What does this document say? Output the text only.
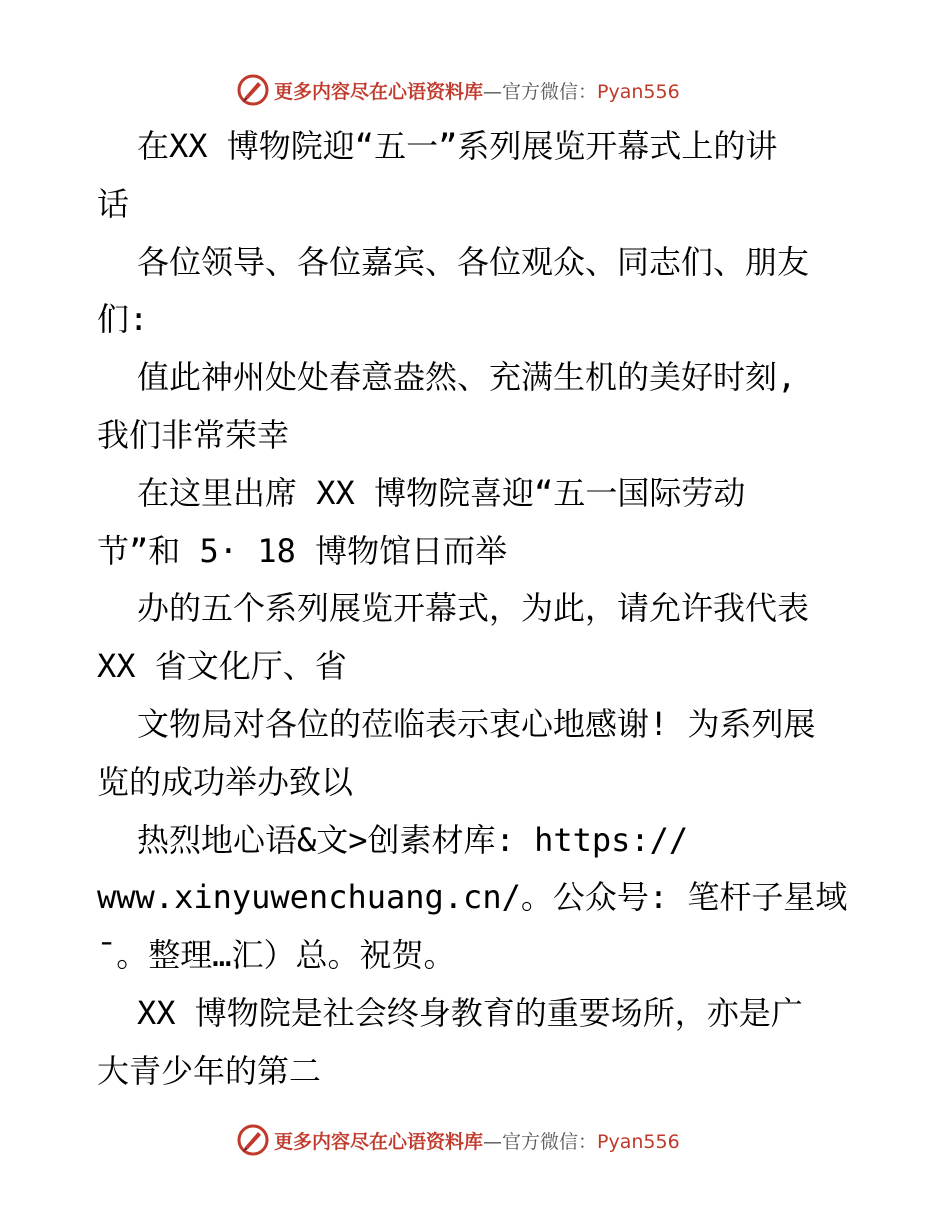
更多内容尽在心语资料库—官方微信：Pyan556
在XX 博物院迎“五一”系列展览开幕式上的讲
话
各位领导、各位嘉宾、各位观众、同志们、朋友
们:
值此神州处处春意盎然、充满生机的美好时刻,
我们非常荣幸
在这里出席 XX 博物院喜迎“五一国际劳动
节”和 5· 18 博物馆日而举
办的五个系列展览开幕式，为此，请允许我代表
XX 省文化厅、省
文物局对各位的莅临表示衷心地感谢! 为系列展
览的成功举办致以
热烈地心语&文>创素材库: https://
www.xinyuwenchuang.cn/。公众号: 笔杆子星域
¯。整理…汇）总。祝贺。
XX 博物院是社会终身教育的重要场所，亦是广
大青少年的第二
更多内容尽在心语资料库—官方微信：Pyan556
